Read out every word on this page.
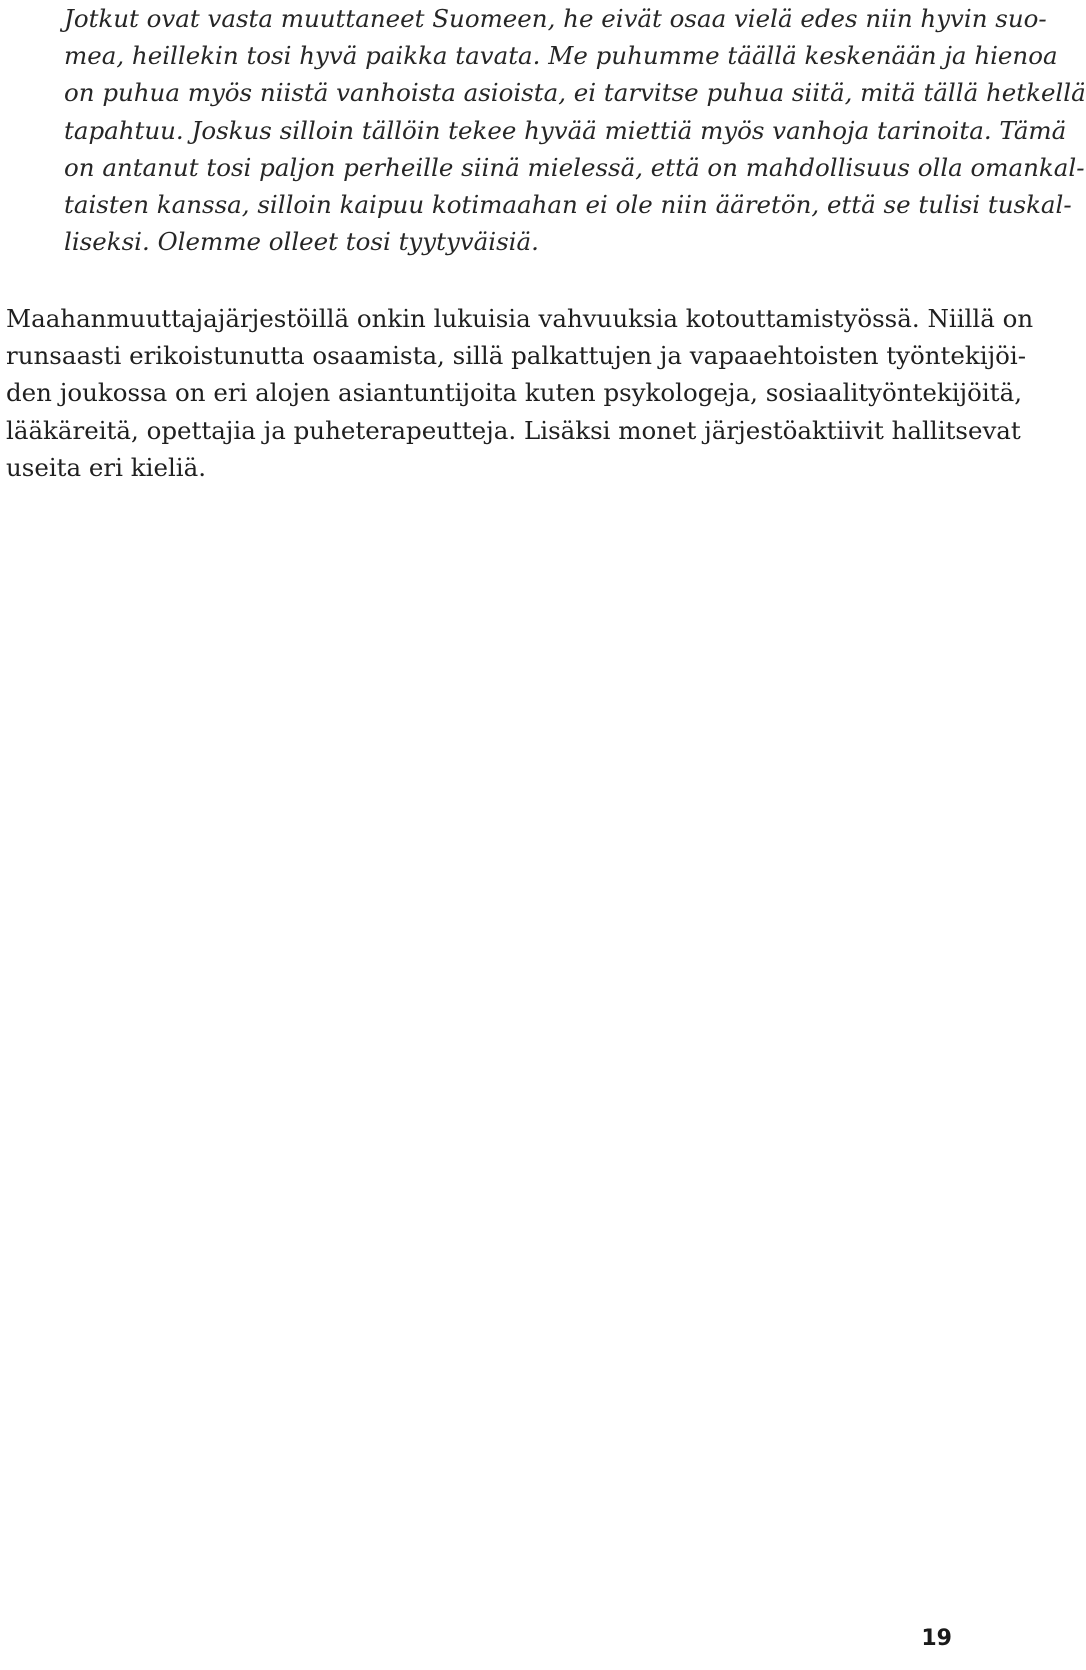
Jotkut ovat vasta muuttaneet Suomeen, he eivät osaa vielä edes niin hyvin suo-
mea, heillekin tosi hyvä paikka tavata. Me puhumme täällä keskenään ja hienoa
on puhua myös niistä vanhoista asioista, ei tarvitse puhua siitä, mitä tällä hetkellä
tapahtuu. Joskus silloin tällöin tekee hyvää miettiä myös vanhoja tarinoita. Tämä
on antanut tosi paljon perheille siinä mielessä, että on mahdollisuus olla omankal-
taisten kanssa, silloin kaipuu kotimaahan ei ole niin ääretön, että se tulisi tuskal-
liseksi. Olemme olleet tosi tyytyväisiä.
Maahanmuuttajajärjestöillä onkin lukuisia vahvuuksia kotouttamistyössä. Niillä on
runsaasti erikoistunutta osaamista, sillä palkattujen ja vapaaehtoisten työntekijöi-
den joukossa on eri alojen asiantuntijoita kuten psykologeja, sosiaalityöntekijöitä,
lääkäreitä, opettajia ja puheterapeutteja. Lisäksi monet järjestöaktiivit hallitsevat
useita eri kieliä.
19
